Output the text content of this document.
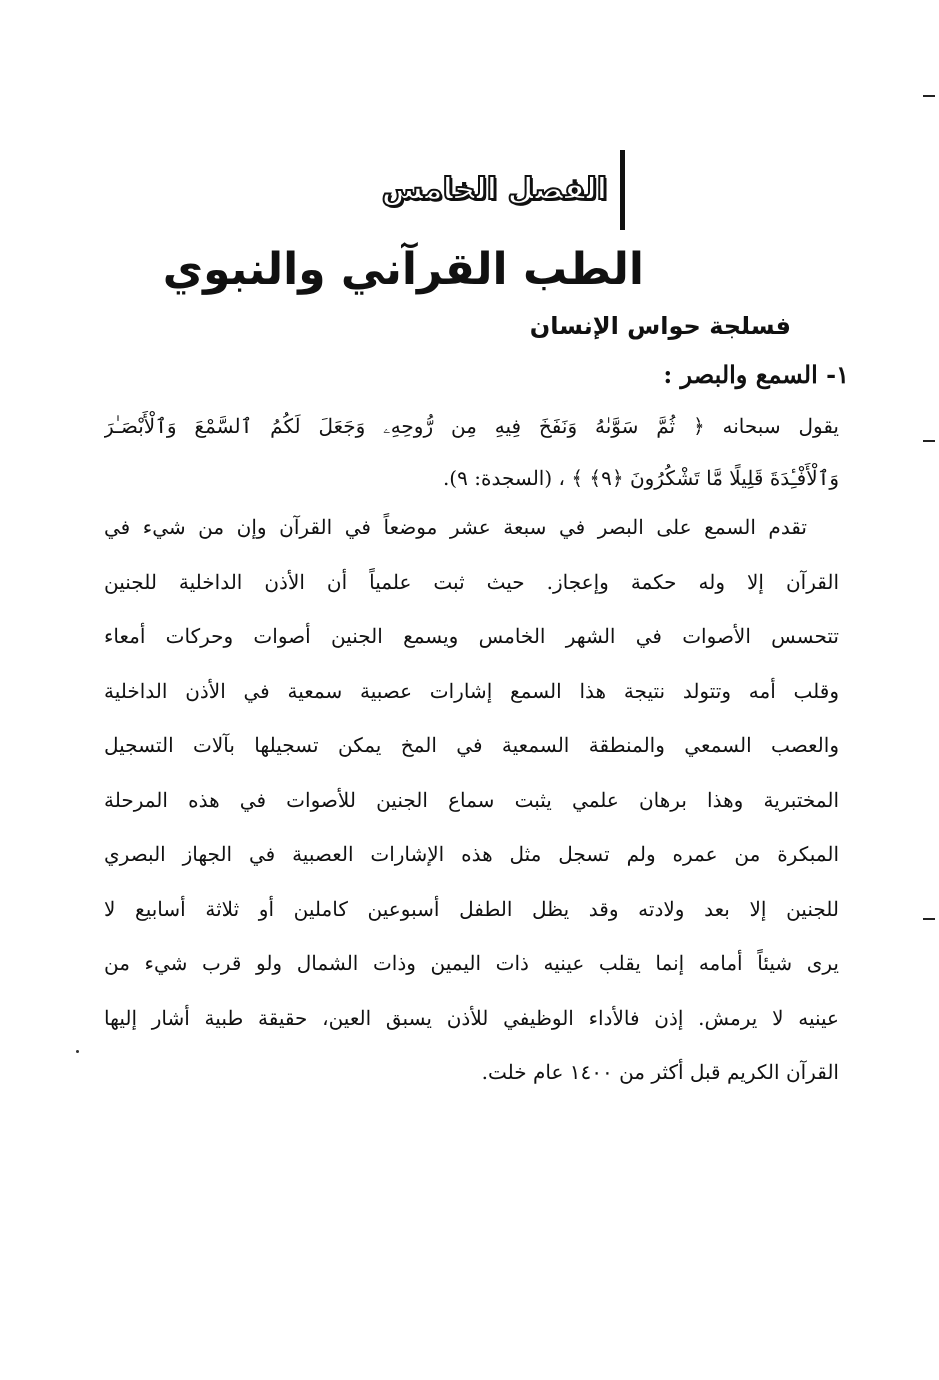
الفصل الخامس
الطب القرآني والنبوي
فسلجة حواس الإنسان
١- السمع والبصر :
يقول سبحانه ﴿ ثُمَّ سَوَّىٰهُ وَنَفَخَ فِيهِ مِن رُّوحِهِۦ وَجَعَلَ لَكُمُ ٱلسَّمْعَ وَٱلْأَبْصَـٰرَ
وَٱلْأَفْـِٔدَةَ قَلِيلًا مَّا تَشْكُرُونَ ﴿٩﴾ ﴾ ، (السجدة: ٩).
تقدم السمع على البصر في سبعة عشر موضعاً في القرآن وإن من شيء في
القرآن إلا وله حكمة وإعجاز. حيث ثبت علمياً أن الأذن الداخلية للجنين
تتحسس الأصوات في الشهر الخامس ويسمع الجنين أصوات وحركات أمعاء
وقلب أمه وتتولد نتيجة هذا السمع إشارات عصبية سمعية في الأذن الداخلية
والعصب السمعي والمنطقة السمعية في المخ يمكن تسجيلها بآلات التسجيل
المختبرية وهذا برهان علمي يثبت سماع الجنين للأصوات في هذه المرحلة
المبكرة من عمره ولم تسجل مثل هذه الإشارات العصبية في الجهاز البصري
للجنين إلا بعد ولادته وقد يظل الطفل أسبوعين كاملين أو ثلاثة أسابيع لا
يرى شيئاً أمامه إنما يقلب عينيه ذات اليمين وذات الشمال ولو قرب شيء من
عينيه لا يرمش. إذن فالأداء الوظيفي للأذن يسبق العين، حقيقة طبية أشار إليها
القرآن الكريم قبل أكثر من ١٤٠٠ عام خلت.
